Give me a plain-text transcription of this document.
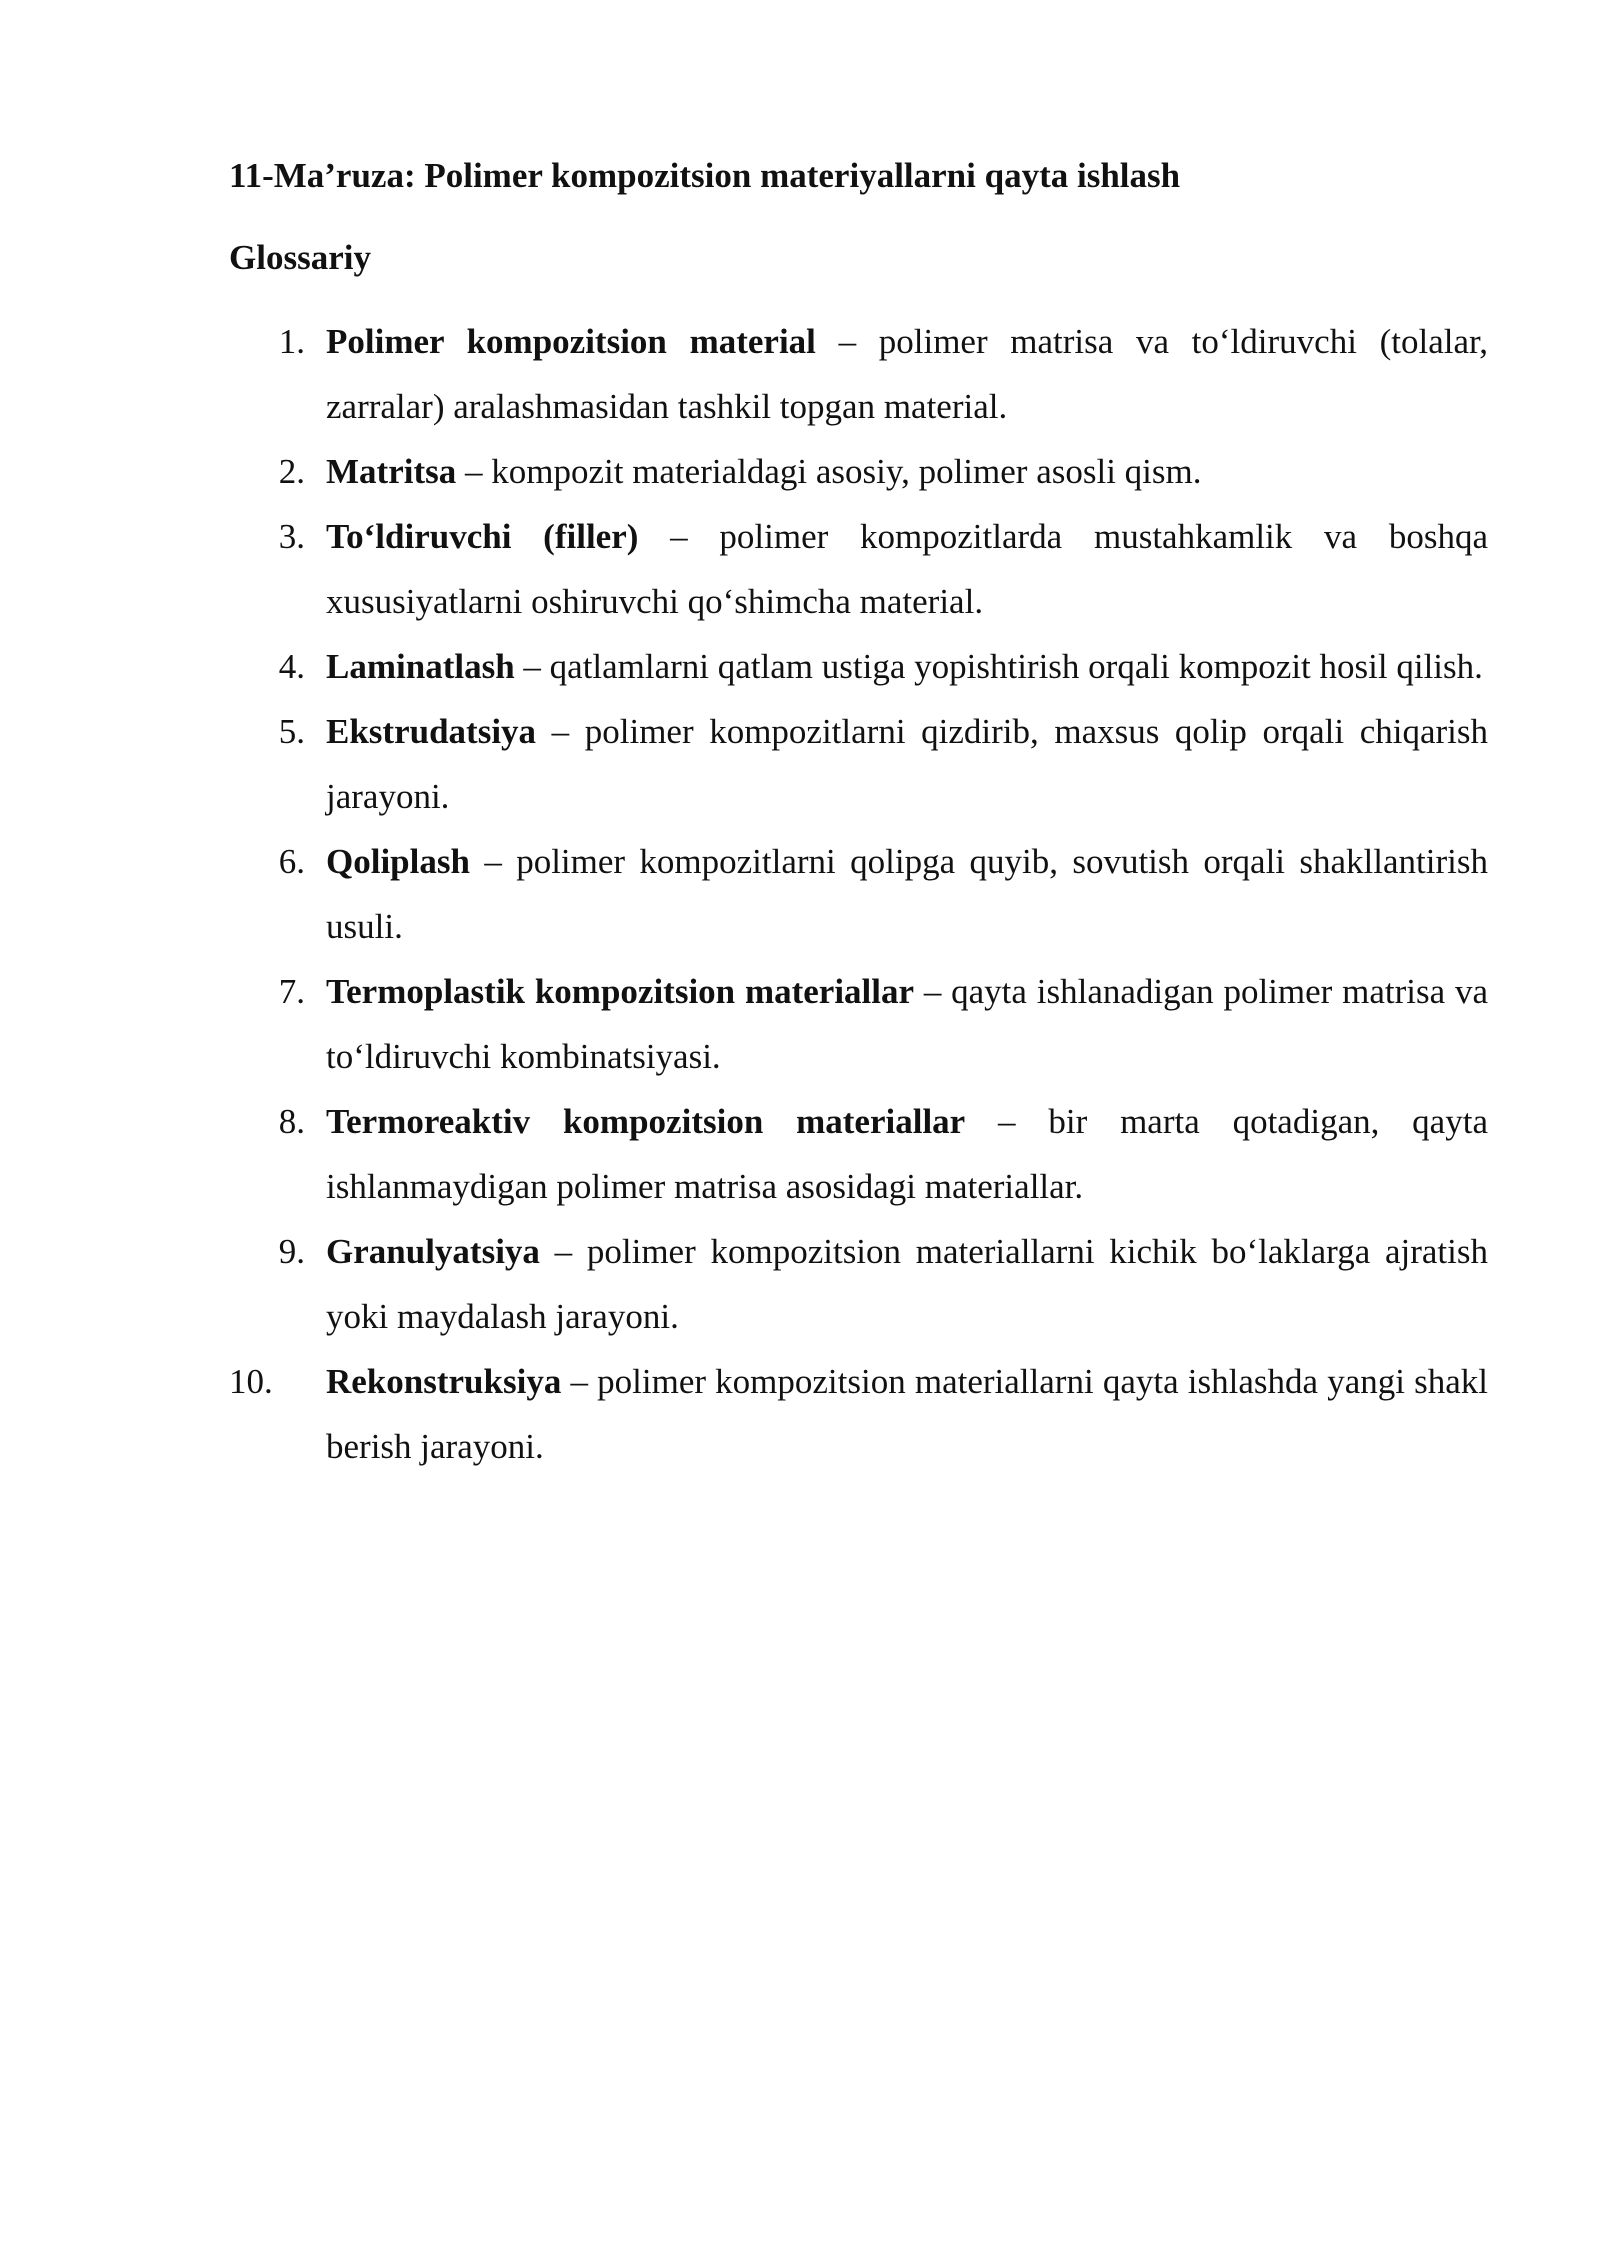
11-Ma’ruza: Polimer kompozitsion materiyallarni qayta ishlash
Glossariy
1. Polimer kompozitsion material – polimer matrisa va to‘ldiruvchi (tolalar, zarralar) aralashmasidan tashkil topgan material.
2. Matritsa – kompozit materialdagi asosiy, polimer asosli qism.
3. To‘ldiruvchi (filler) – polimer kompozitlarda mustahkamlik va boshqa xususiyatlarni oshiruvchi qo‘shimcha material.
4. Laminatlash – qatlamlarni qatlam ustiga yopishtirish orqali kompozit hosil qilish.
5. Ekstrudatsiya – polimer kompozitlarni qizdirib, maxsus qolip orqali chiqarish jarayoni.
6. Qoliplash – polimer kompozitlarni qolipga quyib, sovutish orqali shakllantirish usuli.
7. Termoplastik kompozitsion materiallar – qayta ishlanadigan polimer matrisa va to‘ldiruvchi kombinatsiyasi.
8. Termoreaktiv kompozitsion materiallar – bir marta qotadigan, qayta ishlanmaydigan polimer matrisa asosidagi materiallar.
9. Granulyatsiya – polimer kompozitsion materiallarni kichik bo‘laklarga ajratish yoki maydalash jarayoni.
10.	Rekonstruksiya – polimer kompozitsion materiallarni qayta ishlashda yangi shakl berish jarayoni.
